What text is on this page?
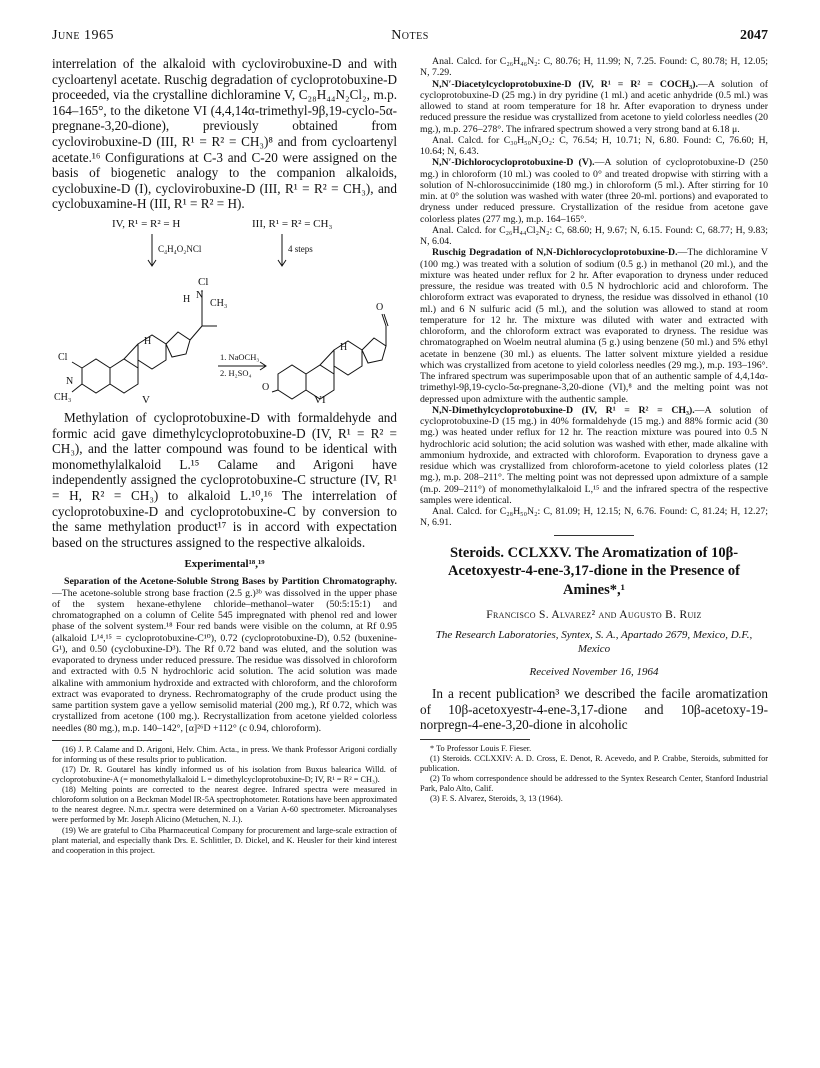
Notes
June 1965	2047

interrelation of the alkaloid with cyclovirobuxine-D and with cycloartenyl acetate. Ruschig degradation of cycloprotobuxine-D proceeded, via the crystalline dichloramine V, C₂₈H₄₄N₂Cl₂, m.p. 164–165°, to the diketone VI (4,4,14α-trimethyl-9β,19-cyclo-5α-pregnane-3,20-dione), previously obtained from cyclovirobuxine-D (III, R¹ = R² = CH₃)⁸ and from cycloartenyl acetate.¹⁶ Configurations at C-3 and C-20 were assigned on the basis of biogenetic analogy to the companion alkaloids, cyclobuxine-D (I), cyclovirobuxine-D (III, R¹ = R² = CH₃), and cyclobuxamine-H (III, R¹ = R² = H).

IV, R¹ = R² = H	III, R¹ = R² = CH₃
C₄H₄O₂NCl	4 steps
Cl
N
CH₃
H
1. NaOCH₃
2. H₂SO₄
Cl
CH₃
N
H
O
O
H
V	VI

Methylation of cycloprotobuxine-D with formaldehyde and formic acid gave dimethylcycloprotobuxine-D (IV, R¹ = R² = CH₃), and the latter compound was found to be identical with monomethylalkaloid L.¹⁵ Calame and Arigoni have independently assigned the cycloprotobuxine-C structure (IV, R¹ = H, R² = CH₃) to alkaloid L.¹⁰,¹⁶ The interrelation of cycloprotobuxine-D and cycloprotobuxine-C by conversion to the same methylation product¹⁷ is in accord with expectation based on the structures assigned to the respective alkaloids.

Experimental¹⁸,¹⁹

Separation of the Acetone-Soluble Strong Bases by Partition Chromatography.—The acetone-soluble strong base fraction (2.5 g.)³ᵇ was dissolved in the upper phase of the system hexane-ethylene chloride–methanol–water (50:5:15:1) and chromatographed on a column of Celite 545 impregnated with phenol red and lower phase of the solvent system.¹⁸ Four red bands were visible on the column, at Rf 0.95 (alkaloid L¹⁴,¹⁵ = cycloprotobuxine-C¹⁰), 0.72 (cycloprotobuxine-D), 0.52 (buxenine-G¹), and 0.50 (cyclobuxine-D³). The Rf 0.72 band was eluted, and the solution was evaporated to dryness under reduced pressure. The residue was dissolved in chloroform and extracted with 0.5 N hydrochloric acid solution. The acid solution was made alkaline with ammonium hydroxide and extracted with chloroform, and the chloroform extract was evaporated to dryness. Rechromatography of the crude product using the same partition system gave a yellow semisolid material (200 mg.), Rf 0.72, which was crystallized from acetone (100 mg.). Recrystallization from acetone yielded colorless needles (80 mg.), m.p. 140–142°, [α]²⁶D +112° (c 0.94, chloroform).

(16) J. P. Calame and D. Arigoni, Helv. Chim. Acta., in press. We thank Professor Arigoni cordially for informing us of these results prior to publication.

(17) Dr. R. Goutarel has kindly informed us of his isolation from Buxus balearica Willd. of cycloprotobuxine-A (= monomethylalkaloid L = dimethylcycloprotobuxine-D; IV, R¹ = R² = CH₃).

(18) Melting points are corrected to the nearest degree. Infrared spectra were measured in chloroform solution on a Beckman Model IR-5A spectrophotometer. Rotations have been approximated to the nearest degree. N.m.r. spectra were determined on a Varian A-60 spectrometer. Microanalyses were performed by Mr. Joseph Alicino (Metuchen, N. J.).

(19) We are grateful to Ciba Pharmaceutical Company for procurement and large-scale extraction of plant material, and especially thank Drs. E. Schlittler, D. Dickel, and K. Heusler for their kind interest and cooperation in this project.

Anal. Calcd. for C₂₆H₄₆N₂: C, 80.76; H, 11.99; N, 7.25. Found: C, 80.78; H, 12.05; N, 7.29.

N,N′-Diacetylcycloprotobuxine-D (IV, R¹ = R² = COCH₃).—A solution of cycloprotobuxine-D (25 mg.) in dry pyridine (1 ml.) and acetic anhydride (0.5 ml.) was allowed to stand at room temperature for 18 hr. After evaporation to dryness under reduced pressure the residue was crystallized from acetone to yield colorless needles (20 mg.), m.p. 276–278°. The infrared spectrum showed a very strong band at 6.18 μ.

Anal. Calcd. for C₃₀H₅₀N₂O₂: C, 76.54; H, 10.71; N, 6.80. Found: C, 76.60; H, 10.64; N, 6.43.

N,N′-Dichlorocycloprotobuxine-D (V).—A solution of cycloprotobuxine-D (250 mg.) in chloroform (10 ml.) was cooled to 0° and treated dropwise with stirring with a solution of N-chlorosuccinimide (180 mg.) in chloroform (5 ml.). After stirring for 10 min. at 0° the solution was washed with water (three 20-ml. portions) and evaporated to dryness under reduced pressure. Crystallization of the residue from acetone gave colorless plates (277 mg.), m.p. 164–165°.

Anal. Calcd. for C₂₆H₄₄Cl₂N₂: C, 68.60; H, 9.67; N, 6.15. Found: C, 68.77; H, 9.83; N, 6.04.

Ruschig Degradation of N,N-Dichlorocycloprotobuxine-D.—The dichloramine V (100 mg.) was treated with a solution of sodium (0.5 g.) in methanol (20 ml.), and the mixture was heated under reflux for 2 hr. After evaporation to dryness under reduced pressure, the residue was treated with 0.5 N hydrochloric acid and chloroform. The chloroform extract was evaporated to dryness, the residue was dissolved in ethanol (10 ml.) and 6 N sulfuric acid (5 ml.), and the solution was allowed to stand at room temperature for 12 hr. The mixture was diluted with water and extracted with chloroform, and the chloroform extract was evaporated to dryness. The residue was chromatographed on Woelm neutral alumina (5 g.) using benzene (50 ml.) and 5% ethyl acetate in benzene (30 ml.) as eluents. The latter solvent mixture yielded a residue which was crystallized from acetone to yield colorless needles (29 mg.), m.p. 193–196°. The infrared spectrum was superimposable upon that of an authentic sample of 4,4,14α-trimethyl-9β,19-cyclo-5α-pregnane-3,20-dione (VI),⁸ and the melting point was not depressed upon admixture with the authentic sample.

N,N-Dimethylcycloprotobuxine-D (IV, R¹ = R² = CH₃).—A solution of cycloprotobuxine-D (15 mg.) in 40% formaldehyde (15 mg.) and 88% formic acid (30 mg.) was heated under reflux for 12 hr. The reaction mixture was poured into 0.5 N hydrochloric acid solution; the acid solution was washed with ether, made alkaline with ammonium hydroxide, and extracted with chloroform. Evaporation to dryness gave a residue which was crystallized from chloroform-acetone to yield colorless plates (12 mg.), m.p. 208–211°. The melting point was not depressed upon admixture of a sample (m.p. 209–211°) of monomethylalkaloid L,¹⁵ and the infrared spectra of the respective samples were identical.

Anal. Calcd. for C₂₈H₅₀N₂: C, 81.09; H, 12.15; N, 6.76. Found: C, 81.24; H, 12.27; N, 6.91.

Steroids. CCLXXV. The Aromatization of 10β-Acetoxyestr-4-ene-3,17-dione in the Presence of Amines*,¹
Francisco S. Alvarez² and Augusto B. Ruiz
The Research Laboratories, Syntex, S. A., Apartado 2679, Mexico, D.F., Mexico
Received November 16, 1964

In a recent publication³ we described the facile aromatization of 10β-acetoxyestr-4-ene-3,17-dione and 10β-acetoxy-19-norpregn-4-ene-3,20-dione in alcoholic

* To Professor Louis F. Fieser.

(1) Steroids. CCLXXIV: A. D. Cross, E. Denot, R. Acevedo, and P. Crabbe, Steroids, submitted for publication.

(2) To whom correspondence should be addressed to the Syntex Research Center, Stanford Industrial Park, Palo Alto, Calif.

(3) F. S. Alvarez, Steroids, 3, 13 (1964).
